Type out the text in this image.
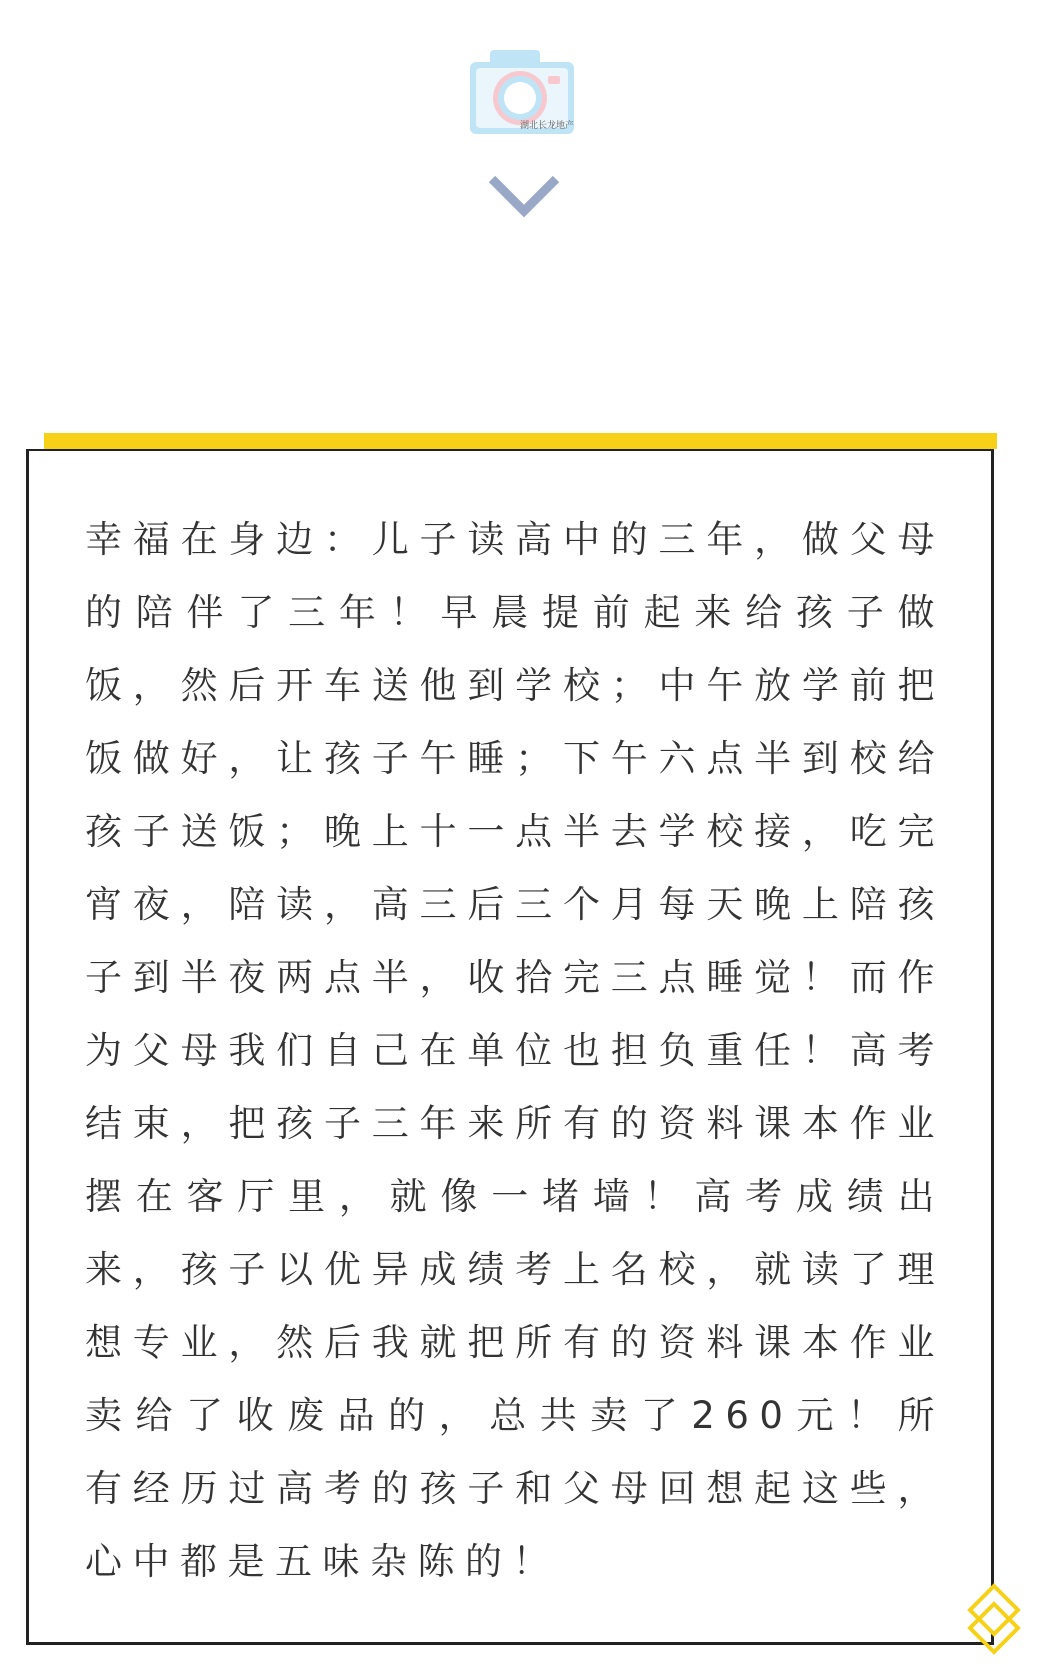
湖北长龙地产

幸福在身边：儿子读高中的三年，做父母的陪伴了三年！早晨提前起来给孩子做饭，然后开车送他到学校；中午放学前把饭做好，让孩子午睡；下午六点半到校给孩子送饭；晚上十一点半去学校接，吃完宵夜，陪读，高三后三个月每天晚上陪孩子到半夜两点半，收拾完三点睡觉！而作为父母我们自己在单位也担负重任！高考结束，把孩子三年来所有的资料课本作业摆在客厅里，就像一堵墙！高考成绩出来，孩子以优异成绩考上名校，就读了理想专业，然后我就把所有的资料课本作业卖给了收废品的，总共卖了260元！所有经历过高考的孩子和父母回想起这些，心中都是五味杂陈的！
